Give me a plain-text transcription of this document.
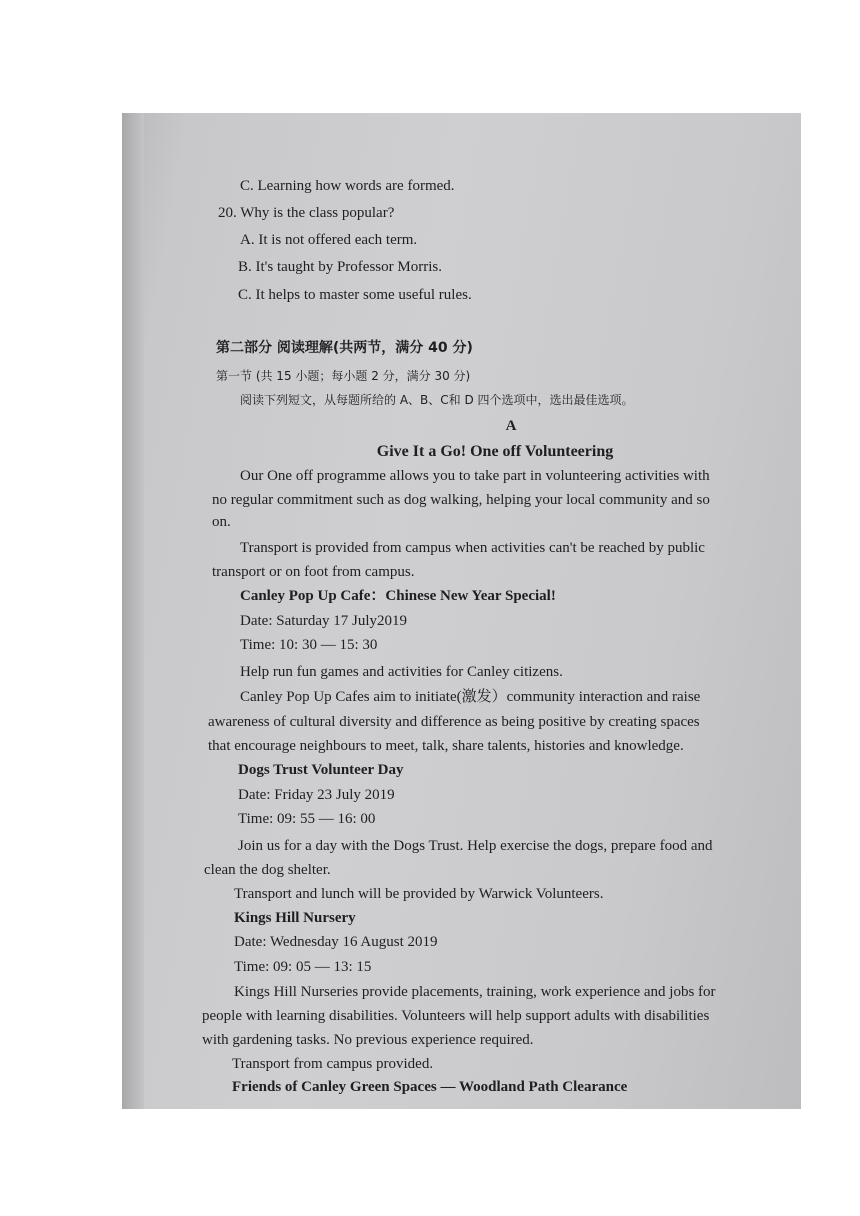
C. Learning how words are formed.
20. Why is the class popular?
A. It is not offered each term.
B. It's taught by Professor Morris.
C. It helps to master some useful rules.
第二部分 阅读理解(共两节，满分 40 分)
第一节 (共 15 小题；每小题 2 分，满分 30 分)
阅读下列短文，从每题所给的 A、B、C和 D 四个选项中，选出最佳选项。
A
Give It a Go! One off Volunteering
Our One off programme allows you to take part in volunteering activities with
no regular commitment such as dog walking, helping your local community and so
on.
Transport is provided from campus when activities can't be reached by public
transport or on foot from campus.
Canley Pop Up Cafe：Chinese New Year Special!
Date: Saturday 17 July2019
Time: 10: 30 — 15: 30
Help run fun games and activities for Canley citizens.
Canley Pop Up Cafes aim to initiate(激发）community interaction and raise
awareness of cultural diversity and difference as being positive by creating spaces
that encourage neighbours to meet, talk, share talents, histories and knowledge.
Dogs Trust Volunteer Day
Date: Friday 23 July 2019
Time: 09: 55 — 16: 00
Join us for a day with the Dogs Trust. Help exercise the dogs, prepare food and
clean the dog shelter.
Transport and lunch will be provided by Warwick Volunteers.
Kings Hill Nursery
Date: Wednesday 16 August 2019
Time: 09: 05 — 13: 15
Kings Hill Nurseries provide placements, training, work experience and jobs for
people with learning disabilities. Volunteers will help support adults with disabilities
with gardening tasks. No previous experience required.
Transport from campus provided.
Friends of Canley Green Spaces — Woodland Path Clearance
